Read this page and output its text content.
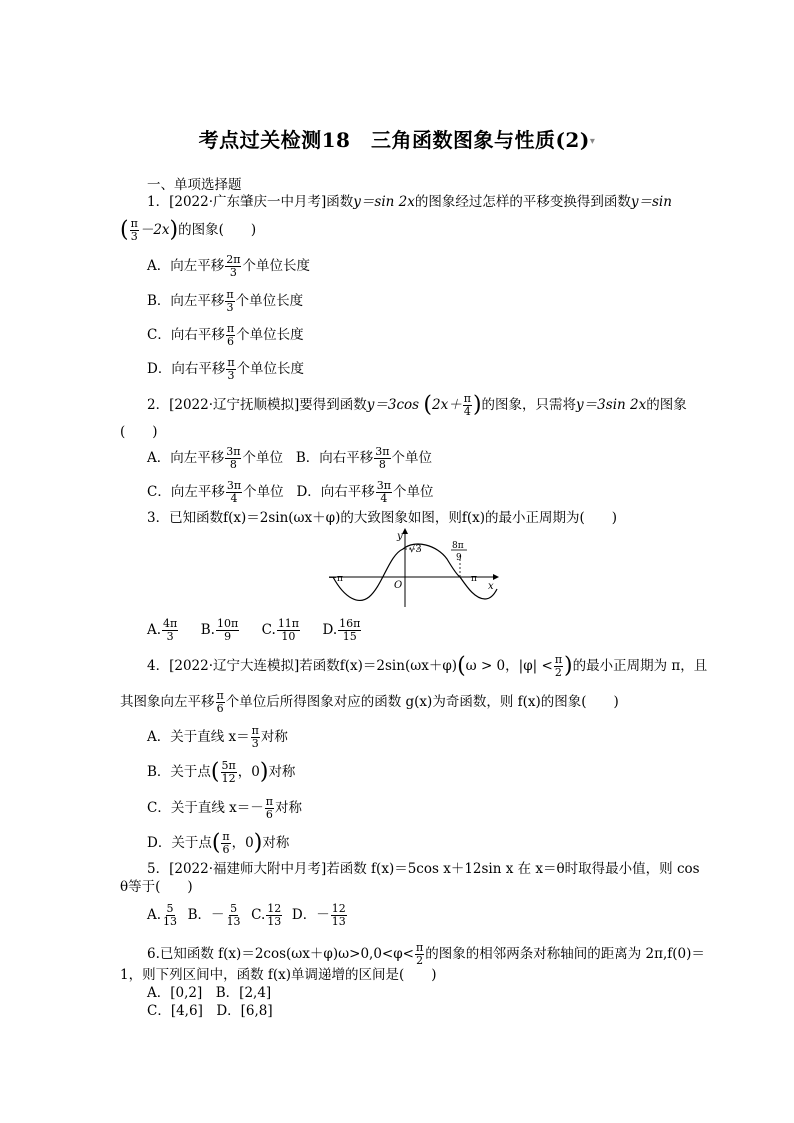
考点过关检测18　三角函数图象与性质(2)▾
一、单项选择题
1．[2022·广东肇庆一中月考]函数y＝sin 2x的图象经过怎样的平移变换得到函数y＝sin
( $\frac{\pi}{3} -2x$)的图象(　　)
A．向左平移 $\frac{2\pi}{3}$ 个单位长度
B．向左平移 $\frac{\pi}{3}$ 个单位长度
C．向右平移 $\frac{\pi}{6}$ 个单位长度
D．向右平移 $\frac{\pi}{3}$ 个单位长度
2．[2022·辽宁抚顺模拟]要得到函数y＝3cos ($2x+ \frac{\pi}{4}$ )的图象，只需将y＝3sin 2x的图象
(　　)
A．向左平移 $\frac{3\pi}{8}$ 个单位 B．向右平移 $\frac{3\pi}{8}$ 个单位
C．向左平移 $\frac{3\pi}{4}$ 个单位 D．向右平移 $\frac{3\pi}{4}$ 个单位
3．已知函数f(x)＝2sin(ωx＋φ)的大致图象如图，则f(x)的最小正周期为(　　)
y
x
O
√3
－π	π
8π
9
A. $\frac{4\pi}{3} B$. $\frac{10\pi}{9} C$. $\frac{11\pi}{10} D$. $\frac{16\pi}{15}$
4．[2022·辽宁大连模拟]若函数f(x)＝2sin(ωx＋φ)(ω > 0，$|\varphi| < \frac{\pi}{2}$ )的最小正周期为 π，且
其图象向左平移 $\frac{\pi}{6}$ 个单位后所得图象对应的函数 g(x)为奇函数，则 f(x)的图象(　　)
A．关于直线 $x= \frac{\pi}{3}$ 对称
B．关于点( $\frac{5\pi}{12}$ ，0)对称
C．关于直线 $x=- \frac{\pi}{6}$ 对称
D．关于点( $\frac{\pi}{6}$ ，0)对称
5．[2022·福建师大附中月考]若函数 f(x)＝5cos x＋12sin x 在 x＝θ时取得最小值，则 cos
θ等于(　　)
A. $\frac{5}{13}$ B．－ $\frac{5}{13} C$. $\frac{12}{13}$ D．－ $\frac{12}{13}$
6.已知函数 $f(x)=2\cos(\omega x+\varphi)\omega>0,0<\varphi< \frac{\pi}{2}$ 的图象的相邻两条对称轴间的距离为 2π,f(0)＝
1，则下列区间中，函数 f(x)单调递增的区间是(　　)
A．[0,2]　B．[2,4]
C．[4,6]　D．[6,8]
